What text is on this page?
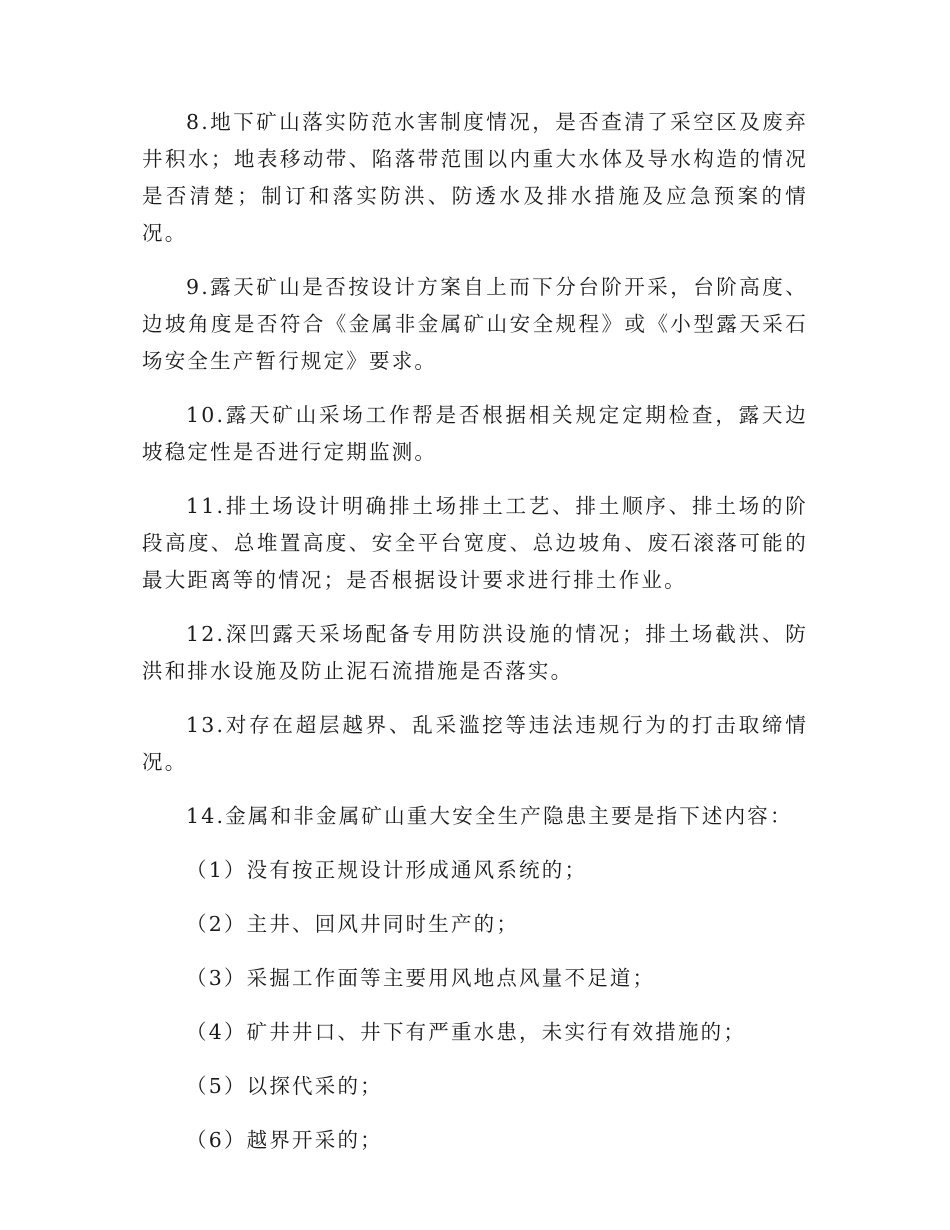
8.地下矿山落实防范水害制度情况，是否查清了采空区及废弃井积水；地表移动带、陷落带范围以内重大水体及导水构造的情况是否清楚；制订和落实防洪、防透水及排水措施及应急预案的情况。

9.露天矿山是否按设计方案自上而下分台阶开采，台阶高度、边坡角度是否符合《金属非金属矿山安全规程》或《小型露天采石场安全生产暂行规定》要求。

10.露天矿山采场工作帮是否根据相关规定定期检查，露天边坡稳定性是否进行定期监测。

11.排土场设计明确排土场排土工艺、排土顺序、排土场的阶段高度、总堆置高度、安全平台宽度、总边坡角、废石滚落可能的最大距离等的情况；是否根据设计要求进行排土作业。

12.深凹露天采场配备专用防洪设施的情况；排土场截洪、防洪和排水设施及防止泥石流措施是否落实。

13.对存在超层越界、乱采滥挖等违法违规行为的打击取缔情况。

14.金属和非金属矿山重大安全生产隐患主要是指下述内容：

（1）没有按正规设计形成通风系统的；

（2）主井、回风井同时生产的；

（3）采掘工作面等主要用风地点风量不足道；

（4）矿井井口、井下有严重水患，未实行有效措施的；

（5）以探代采的；

（6）越界开采的；
